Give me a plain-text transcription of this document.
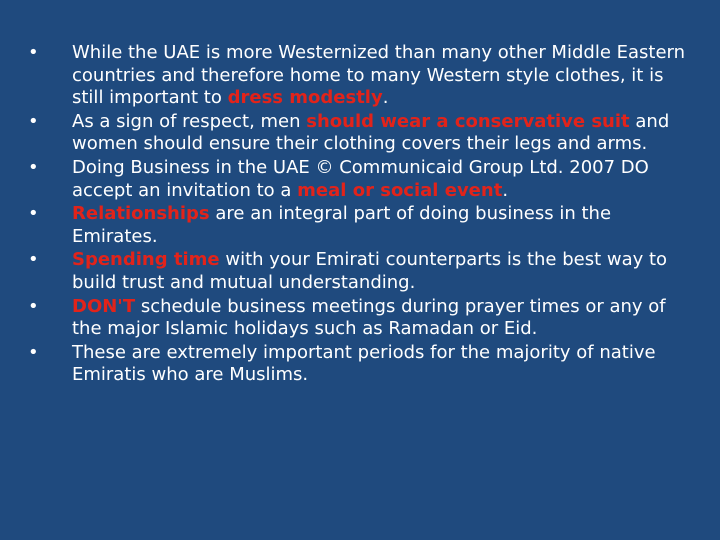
• While the UAE is more Westernized than many other Middle Eastern countries and therefore home to many Western style clothes, it is still important to dress modestly.
• As a sign of respect, men should wear a conservative suit and women should ensure their clothing covers their legs and arms.
• Doing Business in the UAE © Communicaid Group Ltd. 2007 DO accept an invitation to a meal or social event.
• Relationships are an integral part of doing business in the Emirates.
• Spending time with your Emirati counterparts is the best way to build trust and mutual understanding.
• DON'T schedule business meetings during prayer times or any of the major Islamic holidays such as Ramadan or Eid.
• These are extremely important periods for the majority of native Emiratis who are Muslims.
